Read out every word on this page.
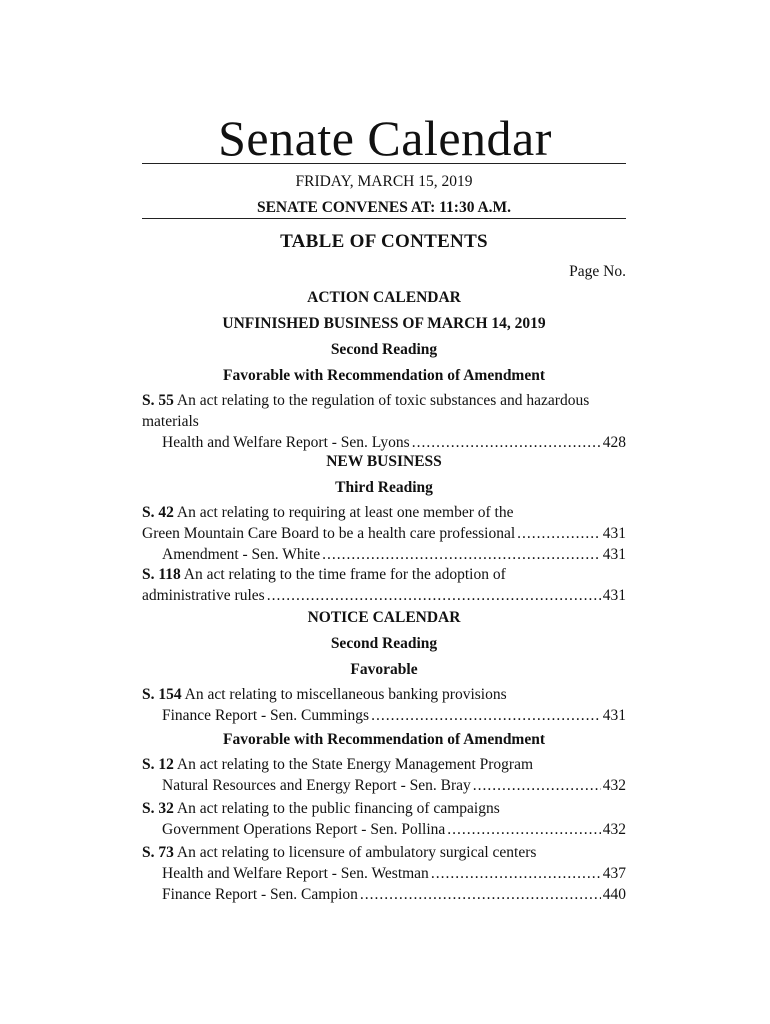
Senate Calendar
FRIDAY, MARCH 15, 2019
SENATE CONVENES AT: 11:30 A.M.
TABLE OF CONTENTS
Page No.
ACTION CALENDAR
UNFINISHED BUSINESS OF MARCH 14, 2019
Second Reading
Favorable with Recommendation of Amendment
S. 55 An act relating to the regulation of toxic substances and hazardous materials
Health and Welfare Report - Sen. Lyons .....	428
NEW BUSINESS
Third Reading
S. 42 An act relating to requiring at least one member of the
Green Mountain Care Board to be a health care professional .....	431
Amendment - Sen. White .....	431
S. 118 An act relating to the time frame for the adoption of
administrative rules .....	431
NOTICE CALENDAR
Second Reading
Favorable
S. 154 An act relating to miscellaneous banking provisions
Finance Report - Sen. Cummings .....	431
Favorable with Recommendation of Amendment
S. 12 An act relating to the State Energy Management Program
Natural Resources and Energy Report - Sen. Bray .....	432
S. 32 An act relating to the public financing of campaigns
Government Operations Report - Sen. Pollina .....	432
S. 73 An act relating to licensure of ambulatory surgical centers
Health and Welfare Report - Sen. Westman .....	437
Finance Report - Sen. Campion .....	440
